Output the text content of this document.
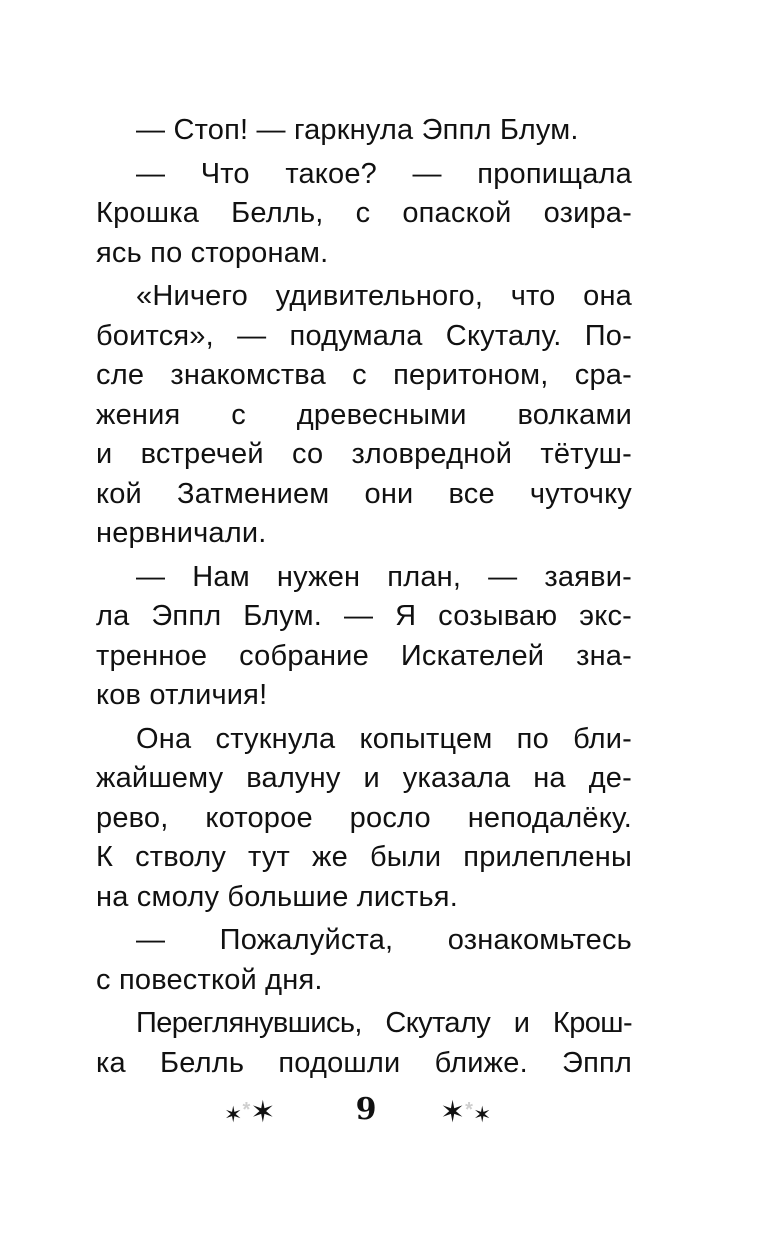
— Стоп! — гаркнула Эппл Блум.

— Что такое? — пропищала
Крошка Белль, с опаской озира-
ясь по сторонам.

«Ничего удивительного, что она
боится», — подумала Скуталу. По-
сле знакомства с перитоном, сра-
жения с древесными волками
и встречей со зловредной тётуш-
кой Затмением они все чуточку
нервничали.

— Нам нужен план, — заяви-
ла Эппл Блум. — Я созываю экс-
тренное собрание Искателей зна-
ков отличия!

Она стукнула копытцем по бли-
жайшему валуну и указала на де-
рево, которое росло неподалёку.
К стволу тут же были прилеплены
на смолу большие листья.

— Пожалуйста, ознакомьтесь
с повесткой дня.

Переглянувшись, Скуталу и Крош-
ка Белль подошли ближе. Эппл

✶*✶	9 ✶*✶
